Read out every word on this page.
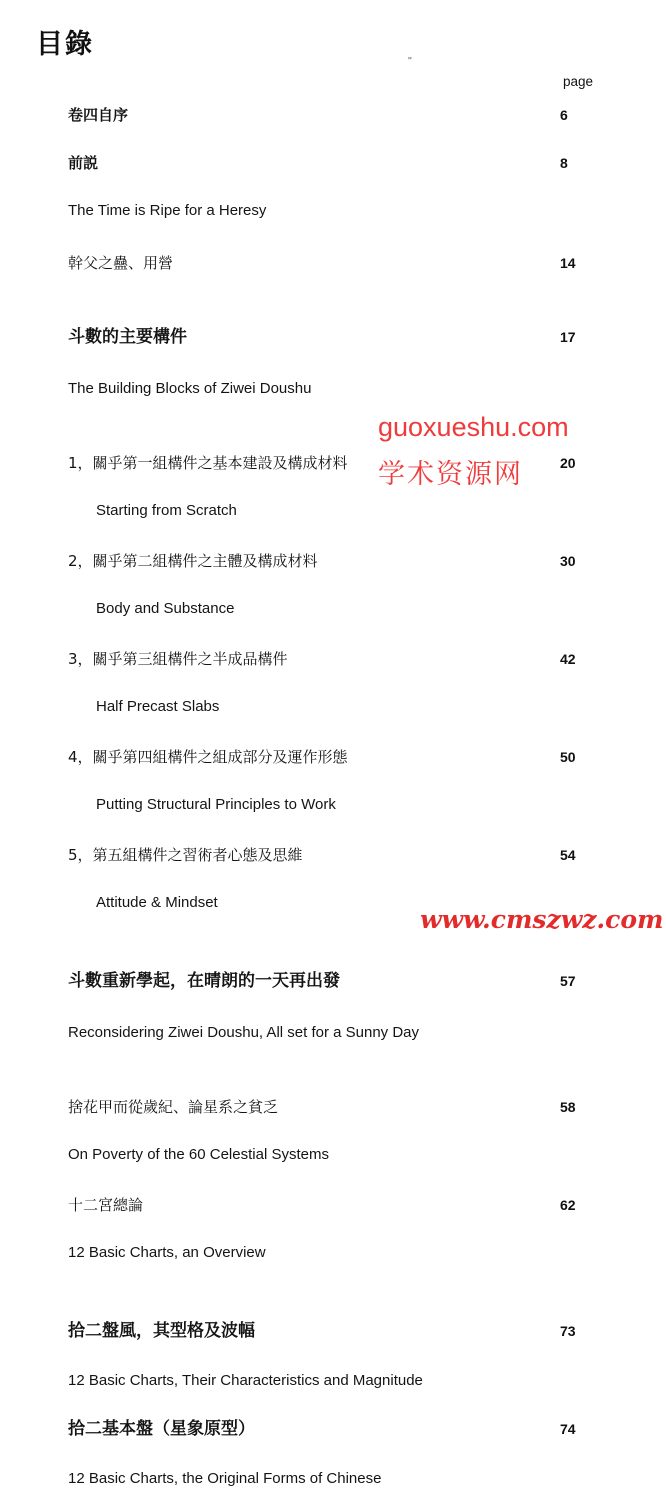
目錄
''
page
卷四自序	6
前説	8
The Time is Ripe for a Heresy
幹父之蠱、用營	14
斗數的主要構件	17
The Building Blocks of Ziwei Doushu
1，關乎第一組構件之基本建設及構成材料	20
Starting from Scratch
2，關乎第二組構件之主體及構成材料	30
Body and Substance
3，關乎第三組構件之半成品構件	42
Half Precast Slabs
4，關乎第四組構件之組成部分及運作形態	50
Putting Structural Principles to Work
5，第五組構件之習術者心態及思維	54
Attitude & Mindset
斗數重新學起，在晴朗的一天再出發	57
Reconsidering Ziwei Doushu, All set for a Sunny Day
捨花甲而從歲紀、論星系之貧乏	58
On Poverty of the 60 Celestial Systems
十二宮總論	62
12 Basic Charts, an Overview
拾二盤風，其型格及波幅	73
12 Basic Charts, Their Characteristics and Magnitude
拾二基本盤（星象原型）	74
12 Basic Charts, the Original Forms of Chinese
guoxueshu.com
学术资源网
www.cmszwz.com
